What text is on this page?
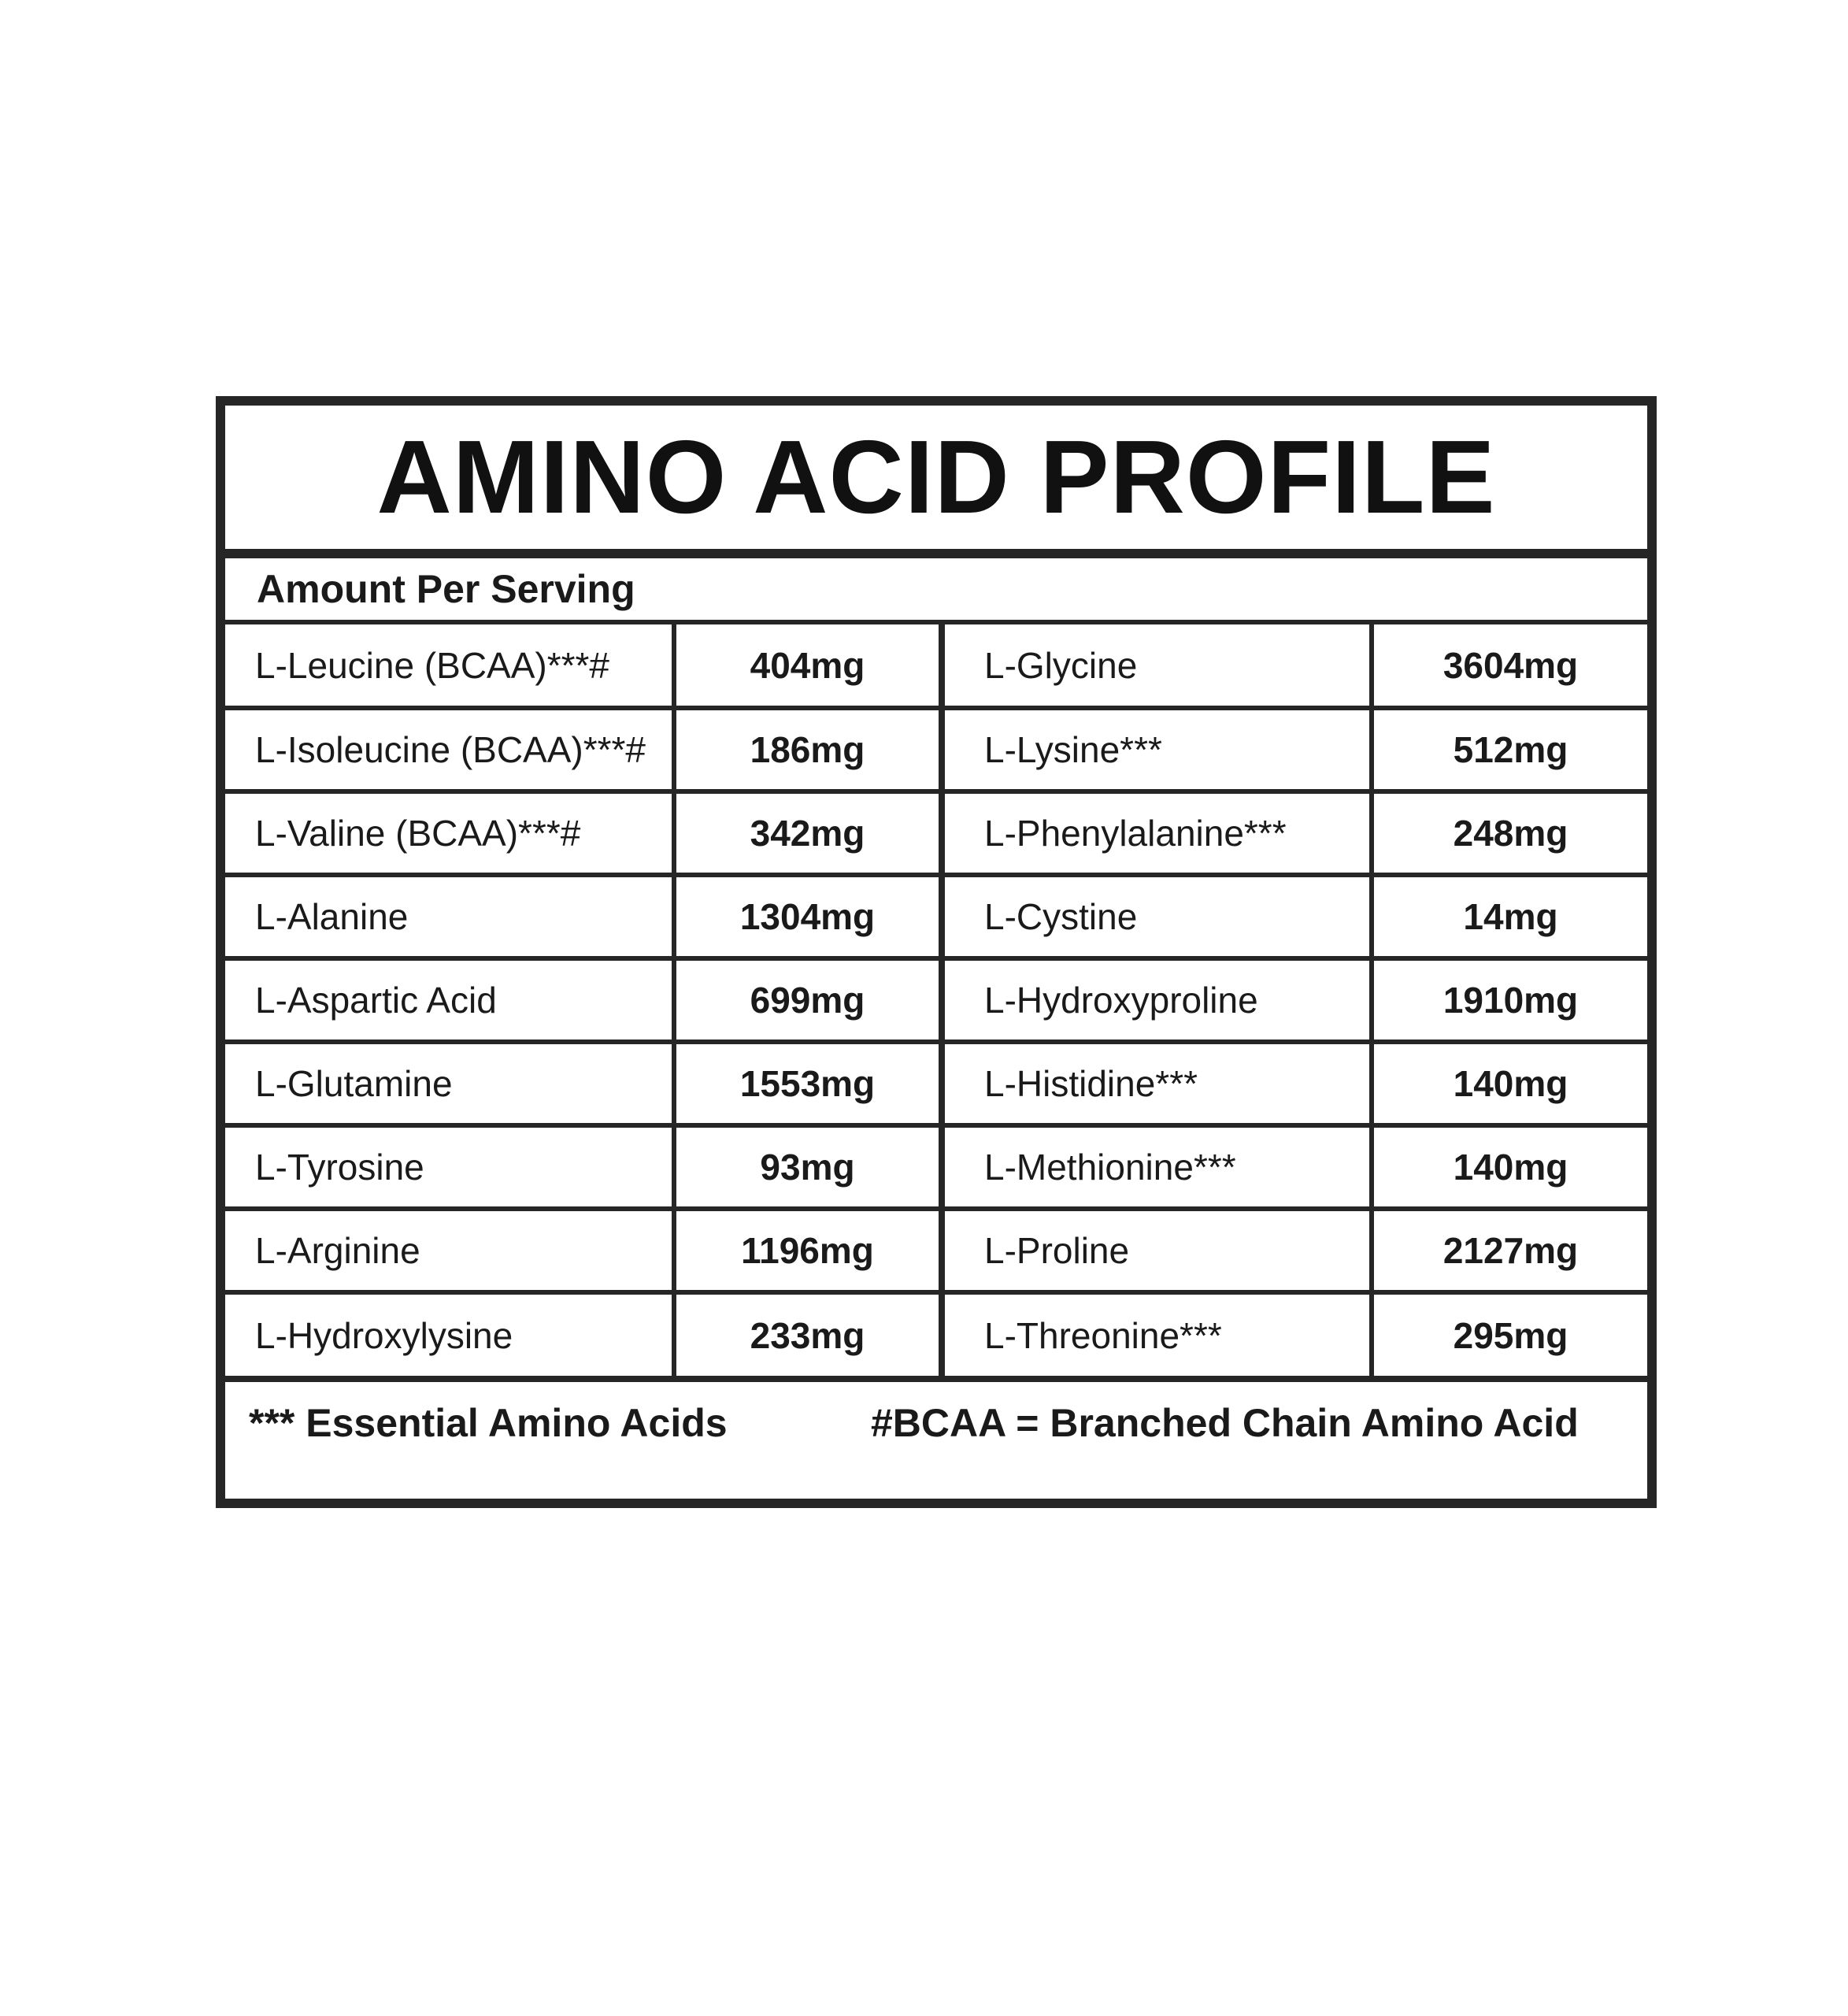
AMINO ACID PROFILE
Amount Per Serving
L-Leucine (BCAA)***#	404mg	L-Glycine	3604mg
L-Isoleucine (BCAA)***#	186mg	L-Lysine***	512mg
L-Valine (BCAA)***#	342mg	L-Phenylalanine***	248mg
L-Alanine	1304mg	L-Cystine	14mg
L-Aspartic Acid	699mg	L-Hydroxyproline	1910mg
L-Glutamine	1553mg	L-Histidine***	140mg
L-Tyrosine	93mg	L-Methionine***	140mg
L-Arginine	1196mg	L-Proline	2127mg
L-Hydroxylysine	233mg	L-Threonine***	295mg
*** Essential Amino Acids	#BCAA = Branched Chain Amino Acid
